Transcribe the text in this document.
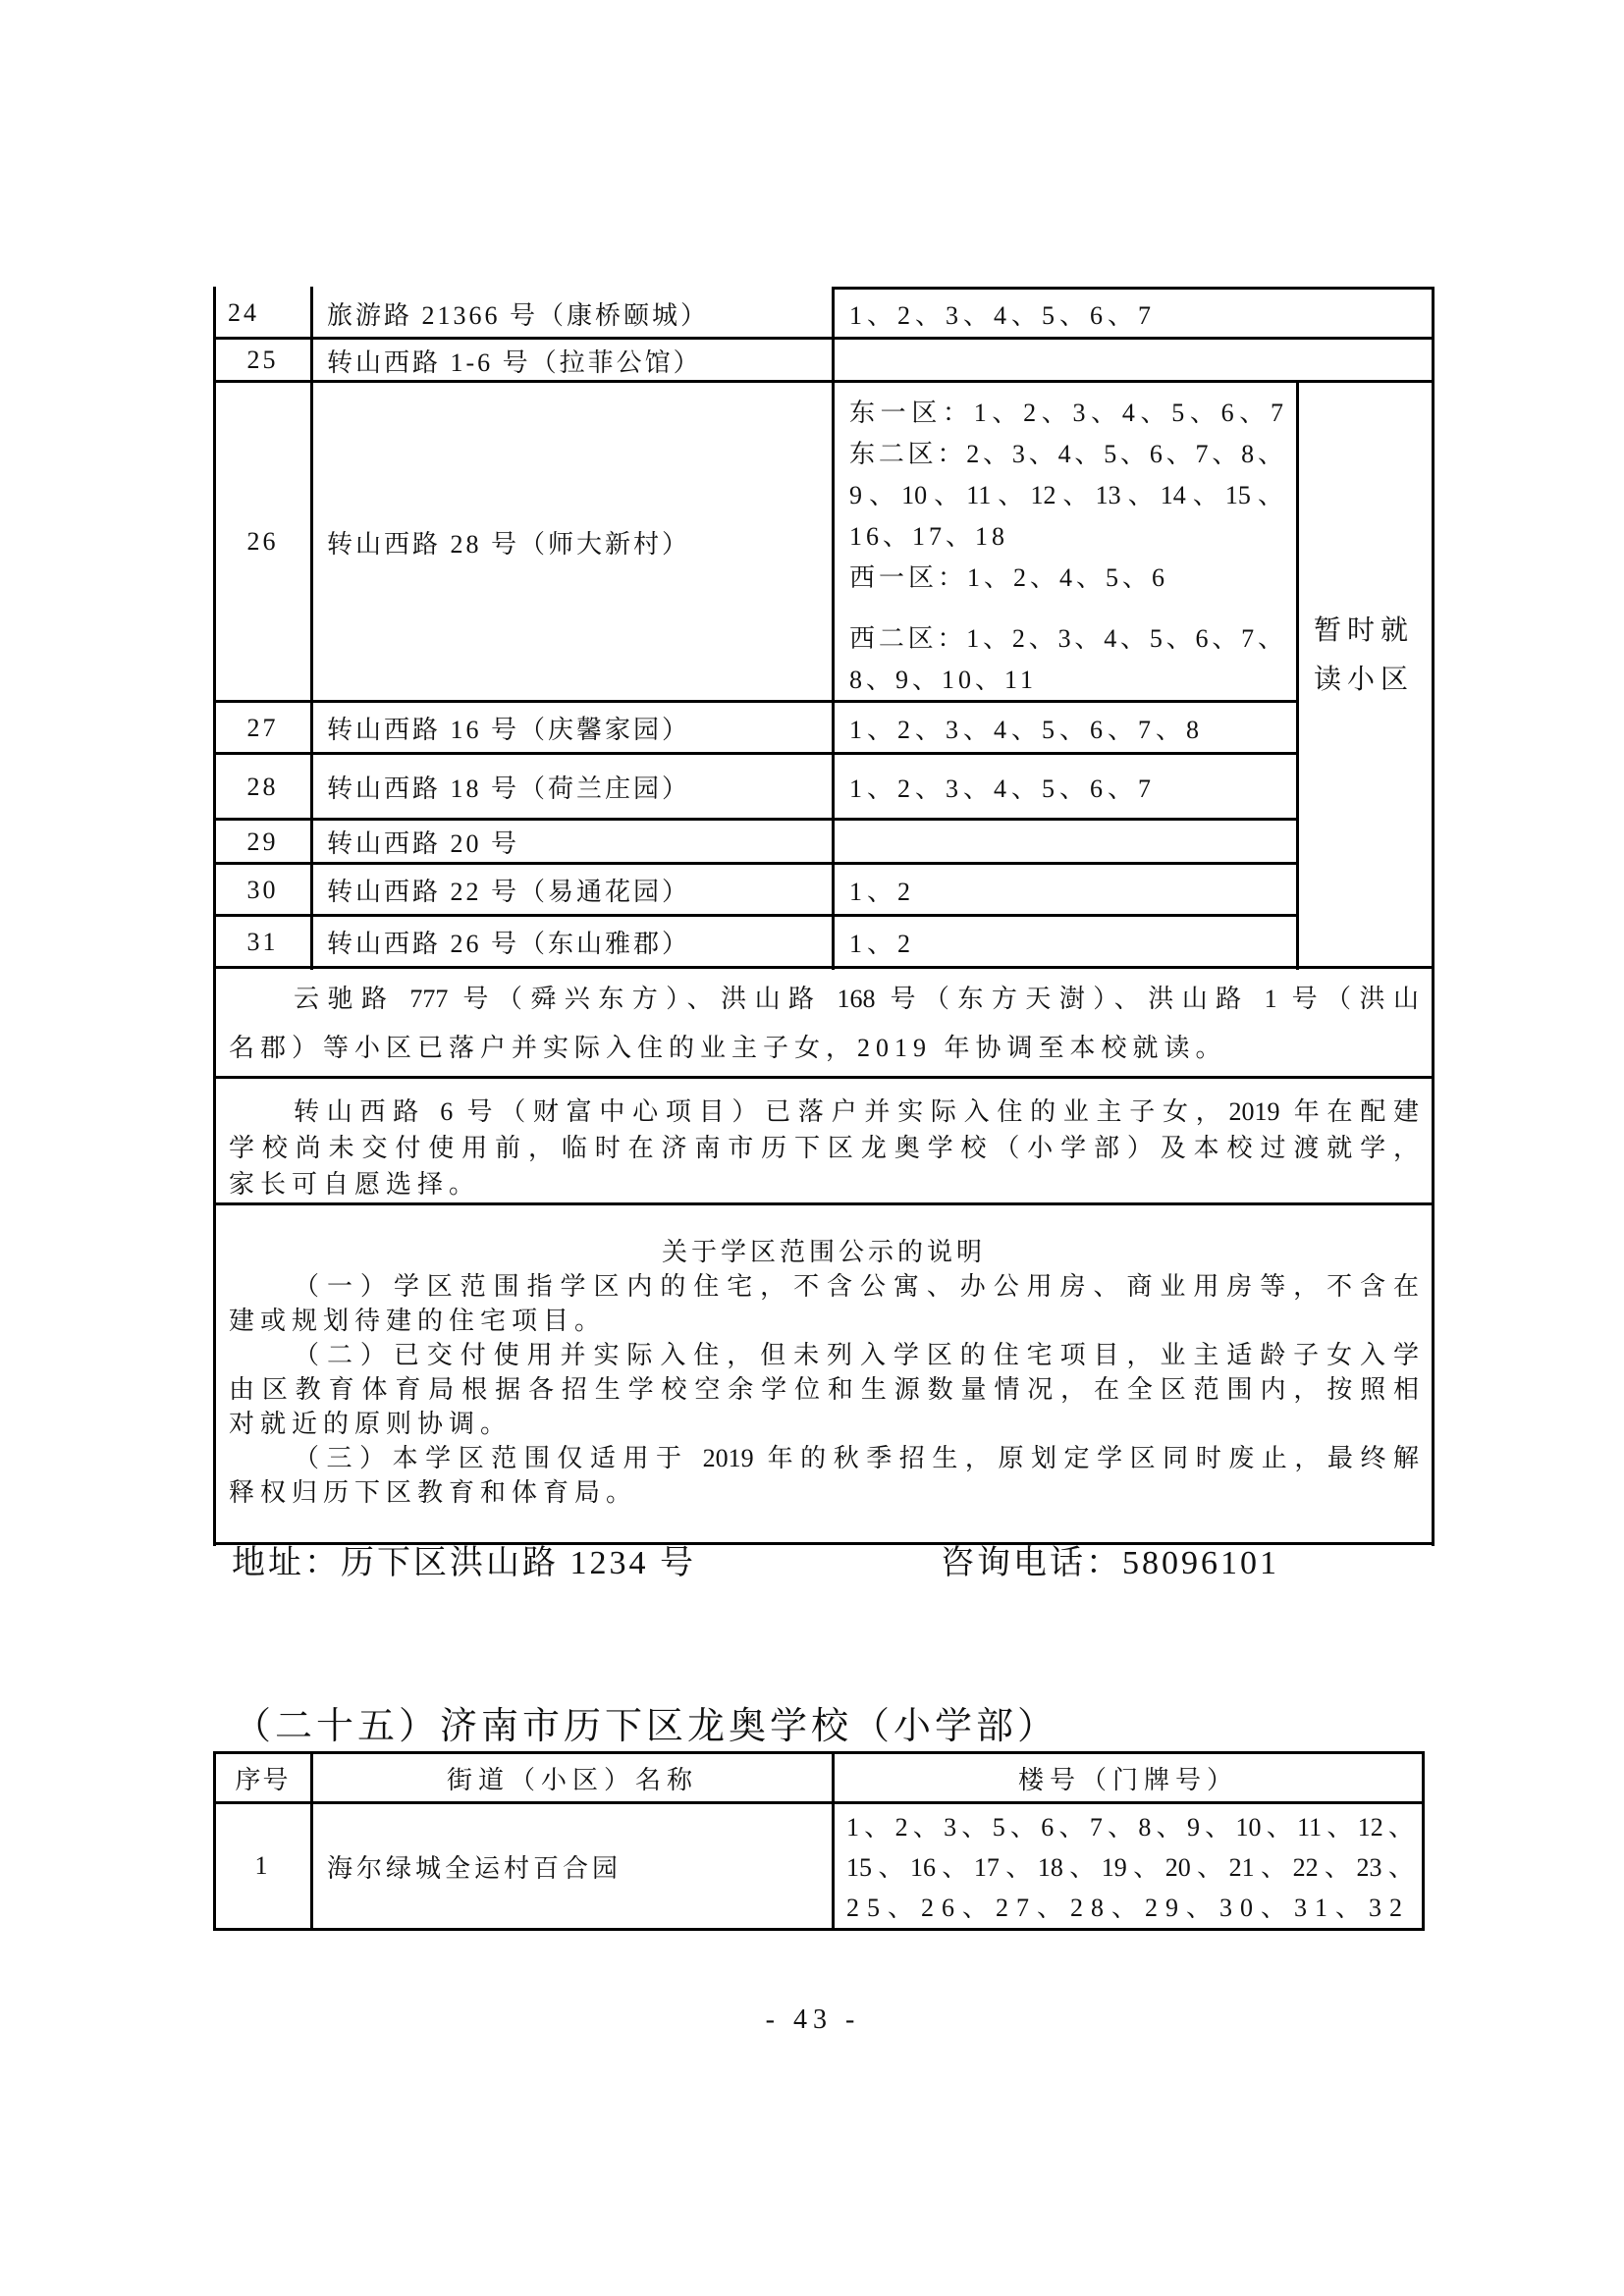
24	旅游路 21366 号（康桥颐城）	1、2、3、4、5、6、7
25	转山西路 1-6 号（拉菲公馆）
26	转山西路 28 号（师大新村）
东一区：1、2、3、4、5、6、7
东二区：2、3、4、5、6、7、8、
9、10、11、12、13、14、15、
16、17、18
西一区：1、2、4、5、6
西二区：1、2、3、4、5、6、7、
8、9、10、11
27	转山西路 16 号（庆馨家园）	1、2、3、4、5、6、7、8
28	转山西路 18 号（荷兰庄园）	1、2、3、4、5、6、7
29	转山西路 20 号
30	转山西路 22 号（易通花园）	1、2
31	转山西路 26 号（东山雅郡）	1、2
暂时就读小区
云驰路 777 号（舜兴东方）、洪山路 168 号（东方天澍）、洪山路 1 号（洪山
名郡）等小区已落户并实际入住的业主子女，2019 年协调至本校就读。
转山西路 6 号（财富中心项目）已落户并实际入住的业主子女，2019 年在配建
学校尚未交付使用前，临时在济南市历下区龙奥学校（小学部）及本校过渡就学，
家长可自愿选择。
关于学区范围公示的说明
（一）学区范围指学区内的住宅，不含公寓、办公用房、商业用房等，不含在
建或规划待建的住宅项目。
（二）已交付使用并实际入住，但未列入学区的住宅项目，业主适龄子女入学
由区教育体育局根据各招生学校空余学位和生源数量情况，在全区范围内，按照相
对就近的原则协调。
（三）本学区范围仅适用于 2019 年的秋季招生，原划定学区同时废止，最终解
释权归历下区教育和体育局。
地址：历下区洪山路 1234 号	咨询电话：58096101
（二十五）济南市历下区龙奥学校（小学部）
序号	街道（小区）名称	楼号（门牌号）
1	海尔绿城全运村百合园
1、2、3、5、6、7、8、9、10、11、12、
15、16、17、18、19、20、21、22、23、
25、26、27、28、29、30、31、32
- 43 -
